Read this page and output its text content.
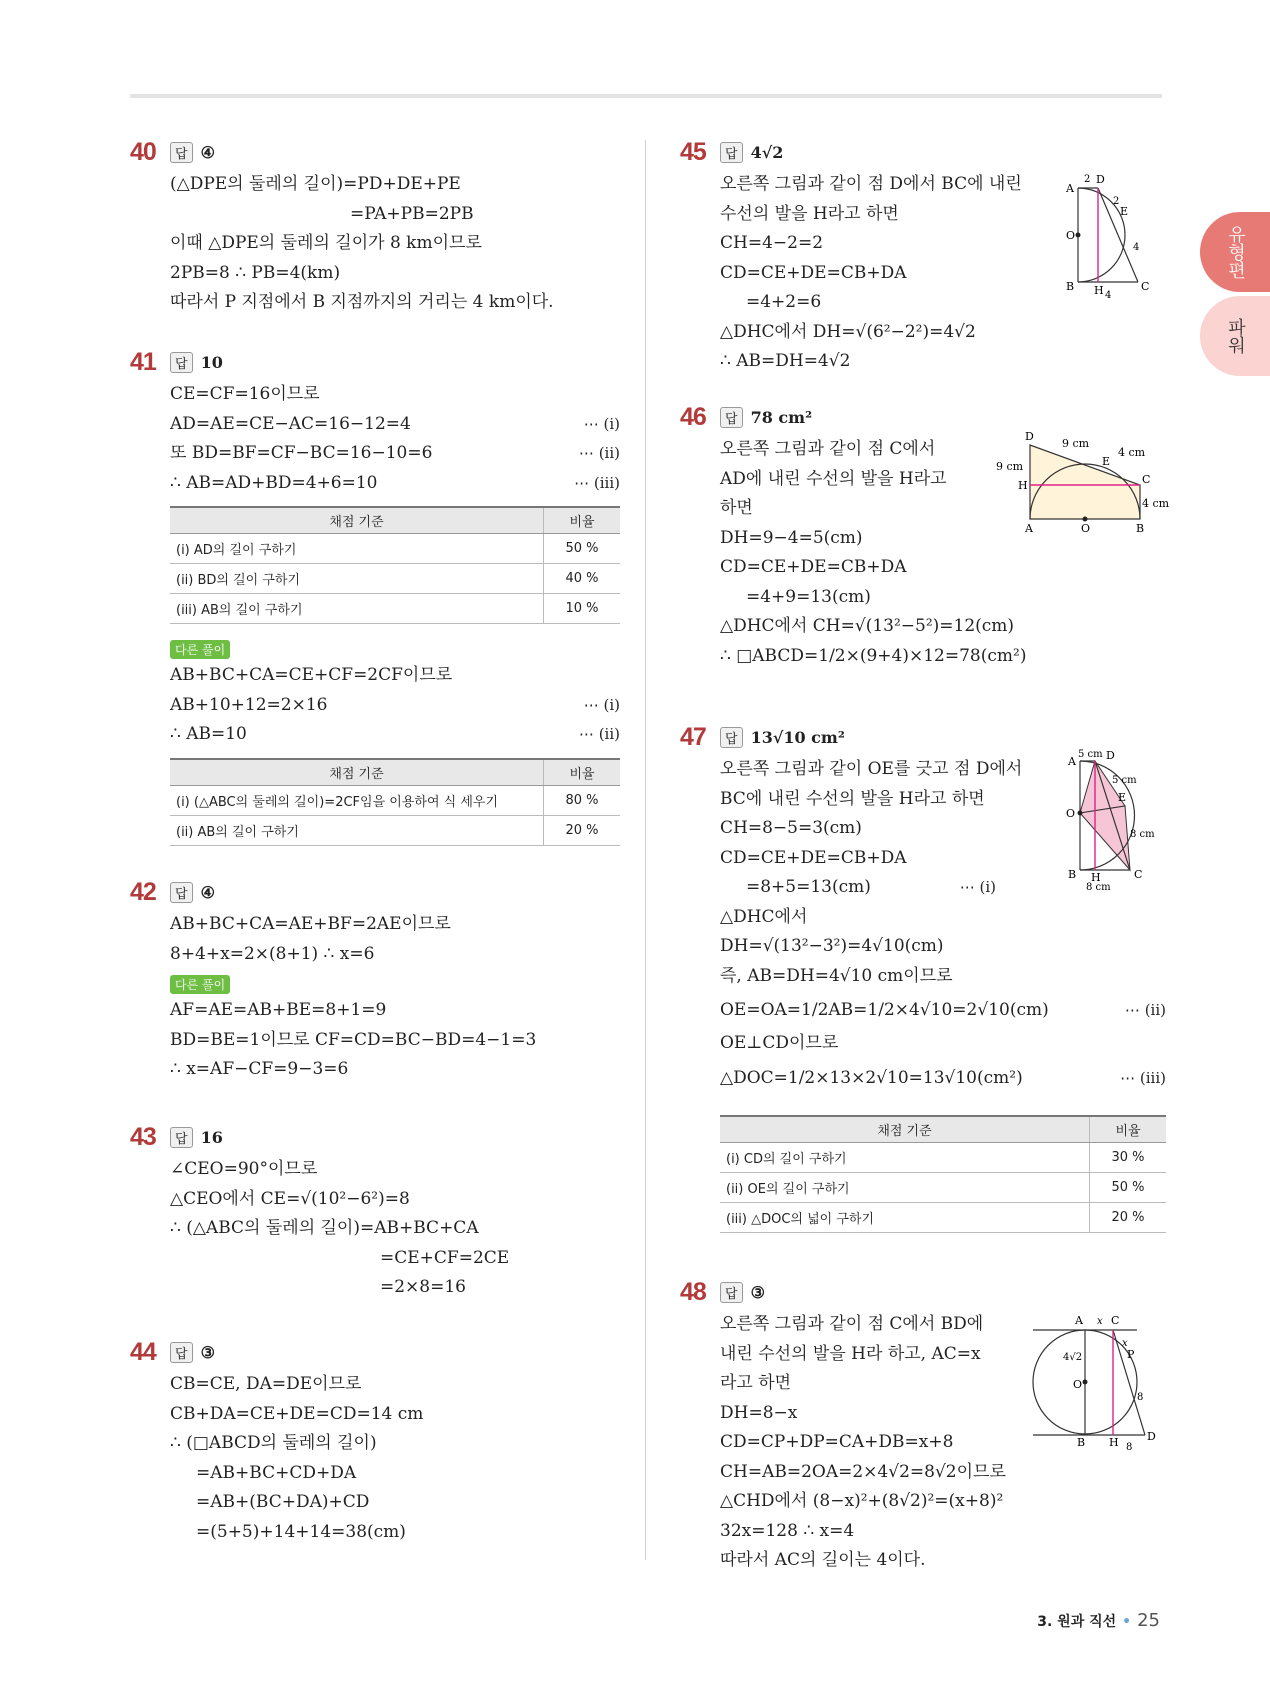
유형편
파워
40	답 ④
(△DPE의 둘레의 길이)=PD+DE+PE
=PA+PB=2PB
이때 △DPE의 둘레의 길이가 8 km이므로
2PB=8 ∴ PB=4(km)
따라서 P 지점에서 B 지점까지의 거리는 4 km이다.
41	답 10
CE=CF=16이므로
AD=AE=CE−AC=16−12=4	⋯ (i)
또 BD=BF=CF−BC=16−10=6	⋯ (ii)
∴ AB=AD+BD=4+6=10	⋯ (iii)
채점 기준	비율
(i) AD의 길이 구하기	50 %
(ii) BD의 길이 구하기	40 %
(iii) AB의 길이 구하기	10 %
다른 풀이
AB+BC+CA=CE+CF=2CF이므로
AB+10+12=2×16	⋯ (i)
∴ AB=10	⋯ (ii)
채점 기준	비율
(i) (△ABC의 둘레의 길이)=2CF임을 이용하여 식 세우기	80 %
(ii) AB의 길이 구하기	20 %
42	답 ④
AB+BC+CA=AE+BF=2AE이므로
8+4+x=2×(8+1) ∴ x=6
다른 풀이
AF=AE=AB+BE=8+1=9
BD=BE=1이므로 CF=CD=BC−BD=4−1=3
∴ x=AF−CF=9−3=6
43	답 16
∠CEO=90°이므로
△CEO에서 CE=√(10²−6²)=8
∴ (△ABC의 둘레의 길이)=AB+BC+CA
=CE+CF=2CE
=2×8=16
44	답 ③
CB=CE, DA=DE이므로
CB+DA=CE+DE=CD=14 cm
∴ (□ABCD의 둘레의 길이)
=AB+BC+CD+DA
=AB+(BC+DA)+CD
=(5+5)+14+14=38(cm)
45	답 4√2
오른쪽 그림과 같이 점 D에서 BC에 내린
수선의 발을 H라고 하면
CH=4−2=2
CD=CE+DE=CB+DA
=4+2=6
△DHC에서 DH=√(6²−2²)=4√2
∴ AB=DH=4√2
A
D
E
O
B H	C
2
2
4
4
46	답 78 cm²
오른쪽 그림과 같이 점 C에서
AD에 내린 수선의 발을 H라고
하면
DH=9−4=5(cm)
CD=CE+DE=CB+DA
=4+9=13(cm)
△DHC에서 CH=√(13²−5²)=12(cm)
∴ □ABCD=1/2×(9+4)×12=78(cm²)
D
9 cm
E
4 cm
9 cm
H	C
4 cm
A	O	B
47	답 13√10 cm²
오른쪽 그림과 같이 OE를 긋고 점 D에서
BC에 내린 수선의 발을 H라고 하면
CH=8−5=3(cm)
CD=CE+DE=CB+DA
=8+5=13(cm)	⋯ (i)
△DHC에서
DH=√(13²−3²)=4√10(cm)
즉, AB=DH=4√10 cm이므로
OE=OA=1/2AB=1/2×4√10=2√10(cm)	⋯ (ii)
OE⊥CD이므로
△DOC=1/2×13×2√10=13√10(cm²)	⋯ (iii)
채점 기준	비율
(i) CD의 길이 구하기	30 %
(ii) OE의 길이 구하기	50 %
(iii) △DOC의 넓이 구하기	20 %
A
5 cm D
5 cm
E
O
8 cm
B H	C
8 cm
48	답 ③
오른쪽 그림과 같이 점 C에서 BD에
내린 수선의 발을 H라 하고, AC=x
라고 하면
DH=8−x
CD=CP+DP=CA+DB=x+8
CH=AB=2OA=2×4√2=8√2이므로
△CHD에서 (8−x)²+(8√2)²=(x+8)²
32x=128 ∴ x=4
따라서 AC의 길이는 4이다.
A x C
4√2
x
P
O
8
B H	D
8
3. 원과 직선 • 25
